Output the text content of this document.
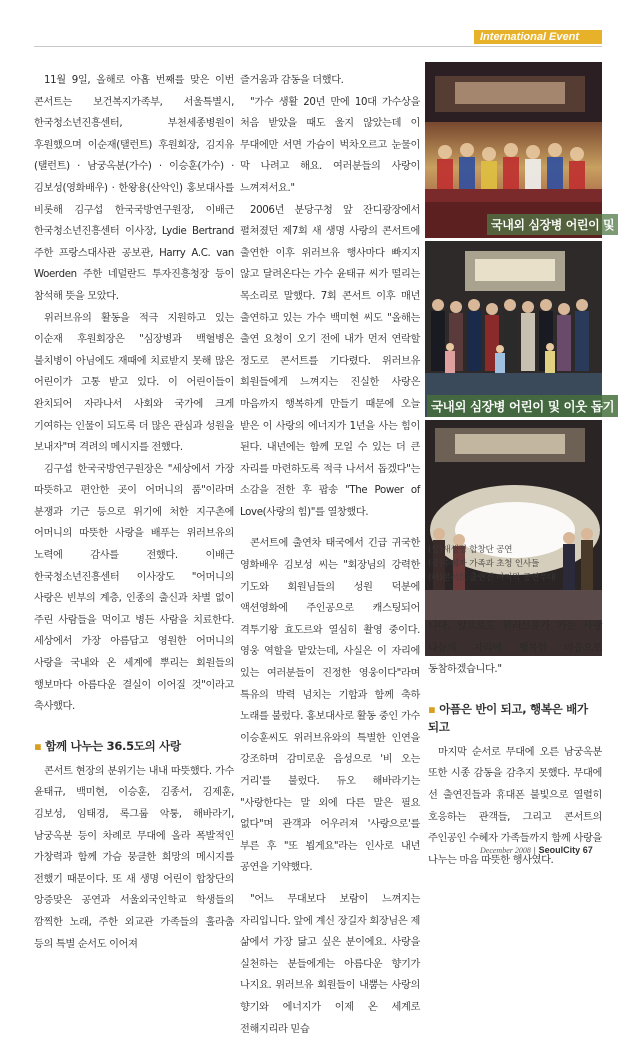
International Event

11월 9일, 올해로 아홉 번째를 맞은 이번 콘서트는 보건복지가족부, 서울특별시, 한국청소년진흥센터, 부천세종병원이 후원했으며 이순재(탤런트) 후원회장, 김지유(탤런트) · 남궁옥분(가수) · 이승훈(가수) · 김보성(영화배우) · 한왕용(산악인) 홍보대사를 비롯해 김구섭 한국국방연구원장, 이배근 한국청소년진흥센터 이사장, Lydie Bertrand 주한 프랑스대사관 공보관, Harry A.C. van Woerden 주한 네덜란드 투자진흥청장 등이 참석해 뜻을 모았다.

위러브유의 활동을 적극 지원하고 있는 이순재 후원회장은 "심장병과 백혈병은 불치병이 아님에도 재때에 치료받지 못해 많은 어린이가 고통 받고 있다. 이 어린이들이 완치되어 자라나서 사회와 국가에 크게 기여하는 인물이 되도록 더 많은 관심과 성원을 보내자"며 격려의 메시지를 전했다.

김구섭 한국국방연구원장은 "세상에서 가장 따뜻하고 편안한 곳이 어머니의 품"이라며 분쟁과 기근 등으로 위기에 처한 지구촌에 어머니의 따뜻한 사랑을 배푸는 위러브유의 노력에 감사를 전했다. 이배근 한국청소년진흥센터 이사장도 "어머니의 사랑은 빈부의 계층, 인종의 출신과 차별 없이 주린 사람들을 먹이고 병든 사람을 치료한다. 세상에서 가장 아름답고 영원한 어머니의 사랑을 국내와 온 세계에 뿌리는 회원들의 행보마다 아름다운 결실이 이어질 것"이라고 축사했다.

▪ 함께 나누는 36.5도의 사랑

콘서트 현장의 분위기는 내내 따뜻했다. 가수 윤태규, 백미현, 이승훈, 김종서, 김제훈, 김보성, 임태경, 록그룹 악퉁, 해바라기, 남궁옥분 등이 차례로 무대에 올라 폭발적인 가창력과 함께 가슴 뭉클한 희망의 메시지를 전했기 때문이다. 또 새 생명 어린이 합창단의 앙증맞은 공연과 서울외국인학교 학생들의 깜찍한 노래, 주한 외교관 가족들의 훌라춤 등의 특별 순서도 이어져

즐거움과 감동을 더했다.

"가수 생활 20년 만에 10대 가수상을 처음 받았을 때도 울지 않았는데 이 무대에만 서면 가슴이 벅차오르고 눈물이 막 나려고 해요. 여러분들의 사랑이 느껴져서요."

2006년 분당구청 앞 잔디광장에서 펼쳐졌던 제7회 새 생명 사랑의 콘서트에 출연한 이후 위러브유 행사마다 빠지지 않고 달려온다는 가수 윤태규 씨가 떨리는 목소리로 말했다. 7회 콘서트 이후 매년 출연하고 있는 가수 백미현 씨도 "올해는 출연 요청이 오기 전에 내가 먼저 연락할 정도로 콘서트를 기다렸다. 위러브유 회원들에게 느껴지는 진실한 사랑은 마음까지 행복하게 만들기 때문에 오늘 받은 이 사랑의 에너지가 1년을 사는 힘이 된다. 내년에는 함께 모일 수 있는 더 큰 자리를 마련하도록 적극 나서서 돕겠다"는 소감을 전한 후 팝송 "The Power of Love(사랑의 힘)"를 열창했다.

콘서트에 출연차 태국에서 긴급 귀국한 영화배우 김보성 씨는 "회장님의 강력한 기도와 회원님들의 성원 덕분에 액션영화에 주인공으로 캐스팅되어 격투기왕 효도르와 열심히 촬영 중이다. 영웅 역할을 맡았는데, 사실은 이 자리에 있는 여러분들이 진정한 영웅이다"라며 특유의 박력 넘치는 기합과 함께 축하 노래를 불렀다. 홍보대사로 활동 중인 가수 이승훈씨도 위러브유와의 특별한 인연을 강조하며 감미로운 음성으로 '비 오는 거리'를 불렀다. 듀오 해바라기는 "사랑한다는 말 외에 다른 말은 필요 없다"며 관객과 어우러져 '사랑으로'를 부른 후 "또 뵙게요"라는 인사로 내년 공연을 기약했다.

"어느 무대보다 보람이 느껴지는 자리입니다. 앞에 계신 장길자 회장님은 제 삶에서 가장 닮고 싶은 분이에요. 사랑을 실천하는 분들에게는 아름다운 향기가 나지요. 위러브유 회원들이 내뿜는 사랑의 향기와 에너지가 이제 온 세계로 전해지리라 믿습

국내외 심장병 어린이 및
국내외 심장병 어린이 및 이웃 돕기
(상)새생명 합창단 공연
(중)수혜자 가족과 초청 인사들
(하)콘서트 출연진 마지막 공연무대

니다. 앞으로도 위러브유가 가는 사랑 나눔의 자리에 행복한 마음으로 동참하겠습니다."

▪ 아픔은 반이 되고, 행복은 배가 되고

마지막 순서로 무대에 오른 남궁옥분 또한 시종 감동을 감추지 못했다. 무대에 선 출연진들과 휴대폰 불빛으로 열렬히 호응하는 관객들, 그리고 콘서트의 주인공인 수혜자 가족들까지 함께 사랑을 나누는 마음 따뜻한 행사였다.

December 2008 | SeoulCity 67
